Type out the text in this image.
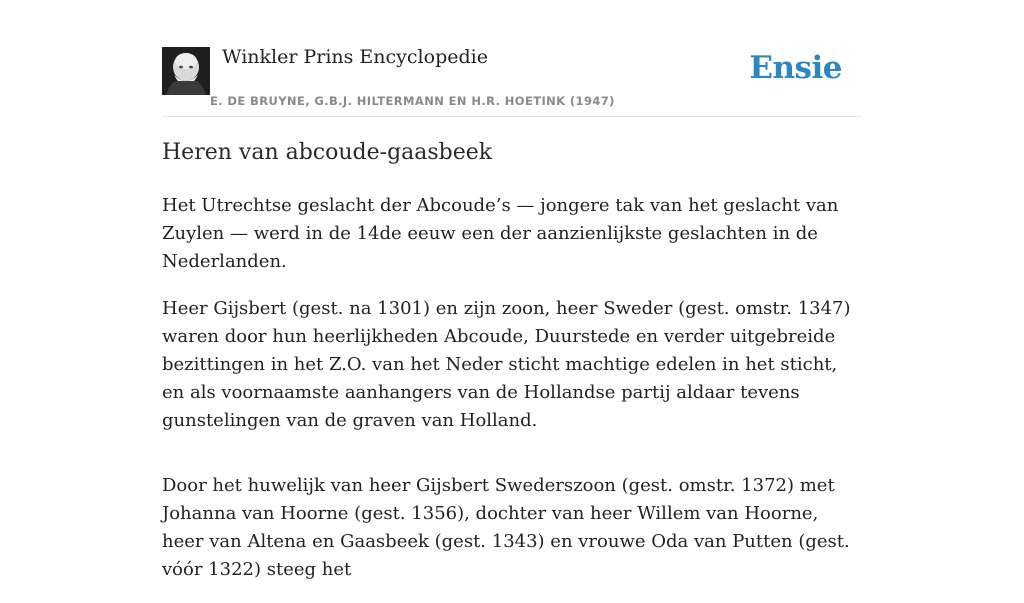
Winkler Prins Encyclopedie
E. DE BRUYNE, G.B.J. HILTERMANN EN H.R. HOETINK (1947)
Ensie
Heren van abcoude-gaasbeek

Het Utrechtse geslacht der Abcoude’s — jongere tak van het geslacht van Zuylen — werd in de 14de eeuw een der aanzienlijkste geslachten in de Nederlanden.

Heer Gijsbert (gest. na 1301) en zijn zoon, heer Sweder (gest. omstr. 1347) waren door hun heerlijkheden Abcoude, Duurstede en verder uitgebreide bezittingen in het Z.O. van het Neder sticht machtige edelen in het sticht, en als voornaamste aanhangers van de Hollandse partij aldaar tevens gunstelingen van de graven van Holland.

Door het huwelijk van heer Gijsbert Swederszoon (gest. omstr. 1372) met Johanna van Hoorne (gest. 1356), dochter van heer Willem van Hoorne, heer van Altena en Gaasbeek (gest. 1343) en vrouwe Oda van Putten (gest. vóór 1322) steeg het
